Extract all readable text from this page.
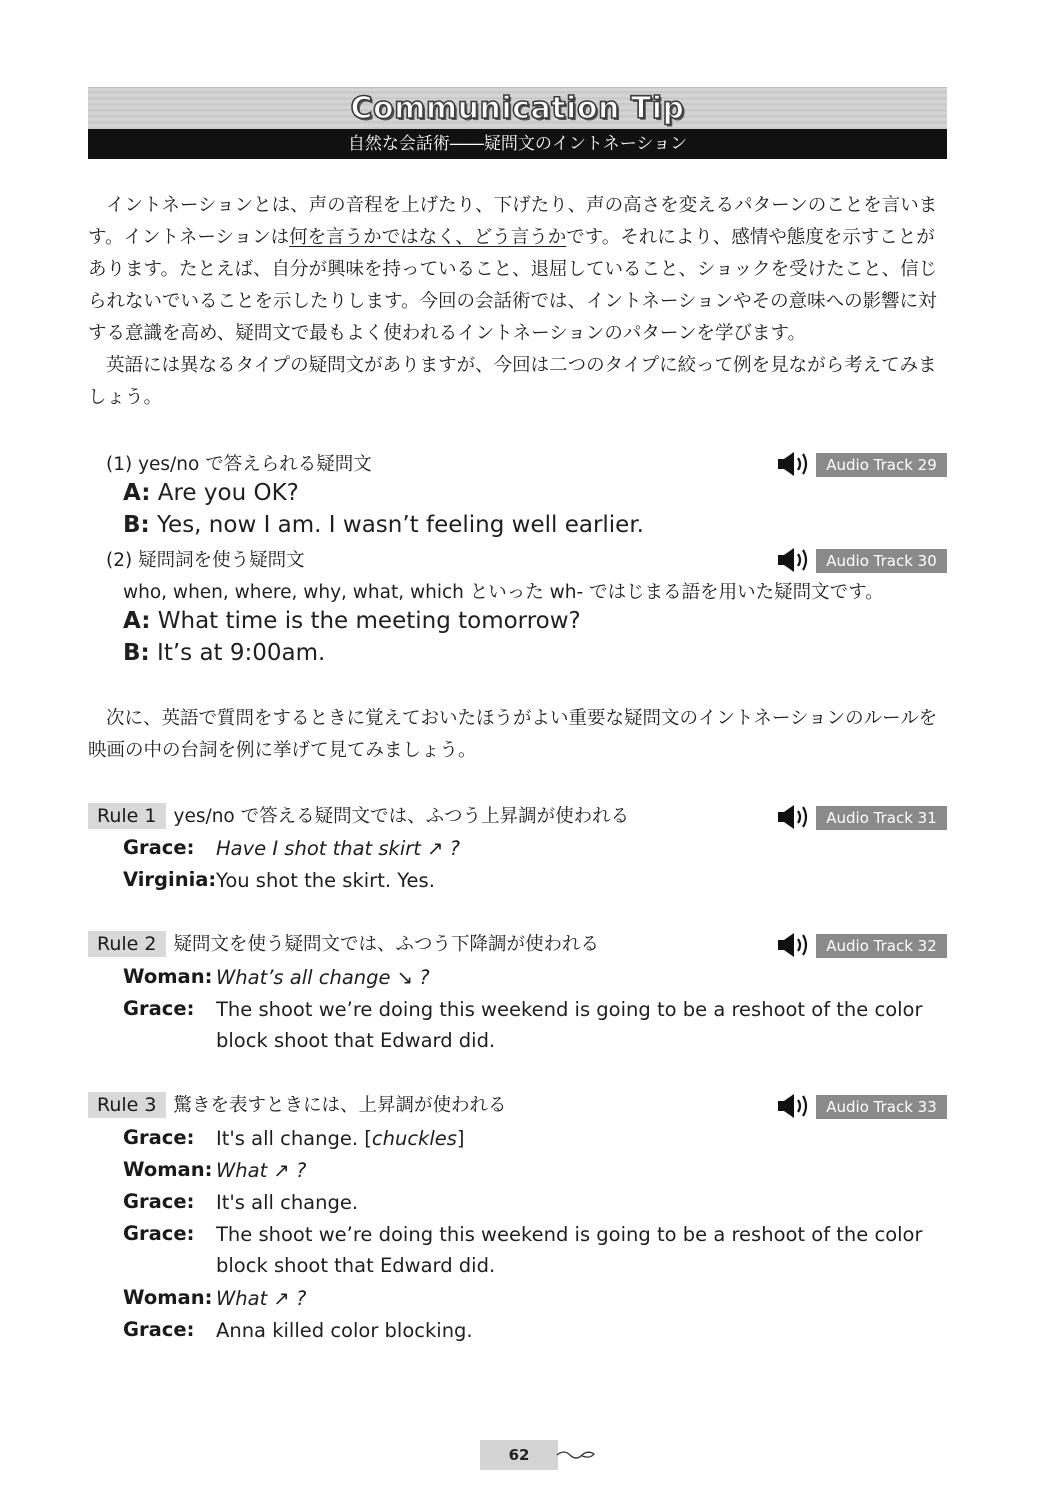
Communication Tip
自然な会話術――疑問文のイントネーション
イントネーションとは、声の音程を上げたり、下げたり、声の高さを変えるパターンのことを言います。イントネーションは何を言うかではなく、どう言うかです。それにより、感情や態度を示すことがあります。たとえば、自分が興味を持っていること、退屈していること、ショックを受けたこと、信じられないでいることを示したりします。今回の会話術では、イントネーションやその意味への影響に対する意識を高め、疑問文で最もよく使われるイントネーションのパターンを学びます。
英語には異なるタイプの疑問文がありますが、今回は二つのタイプに絞って例を見ながら考えてみましょう。
(1) yes/no で答えられる疑問文	Audio Track 29
A: Are you OK?
B: Yes, now I am. I wasn’t feeling well earlier.
(2) 疑問詞を使う疑問文	Audio Track 30
who, when, where, why, what, which といった wh- ではじまる語を用いた疑問文です。
A: What time is the meeting tomorrow?
B: It’s at 9:00am.
次に、英語で質問をするときに覚えておいたほうがよい重要な疑問文のイントネーションのルールを映画の中の台詞を例に挙げて見てみましょう。
Rule 1 yes/no で答える疑問文では、ふつう上昇調が使われる	Audio Track 31
Grace: Have I shot that skirt ↗ ?
Virginia: You shot the skirt. Yes.
Rule 2 疑問文を使う疑問文では、ふつう下降調が使われる	Audio Track 32
Woman: What’s all change ↘ ?
Grace: The shoot we’re doing this weekend is going to be a reshoot of the color block shoot that Edward did.
Rule 3 驚きを表すときには、上昇調が使われる	Audio Track 33
Grace: It's all change. [chuckles]
Woman: What ↗ ?
Grace: It's all change.
Grace: The shoot we’re doing this weekend is going to be a reshoot of the color block shoot that Edward did.
Woman: What ↗ ?
Grace: Anna killed color blocking.
62
